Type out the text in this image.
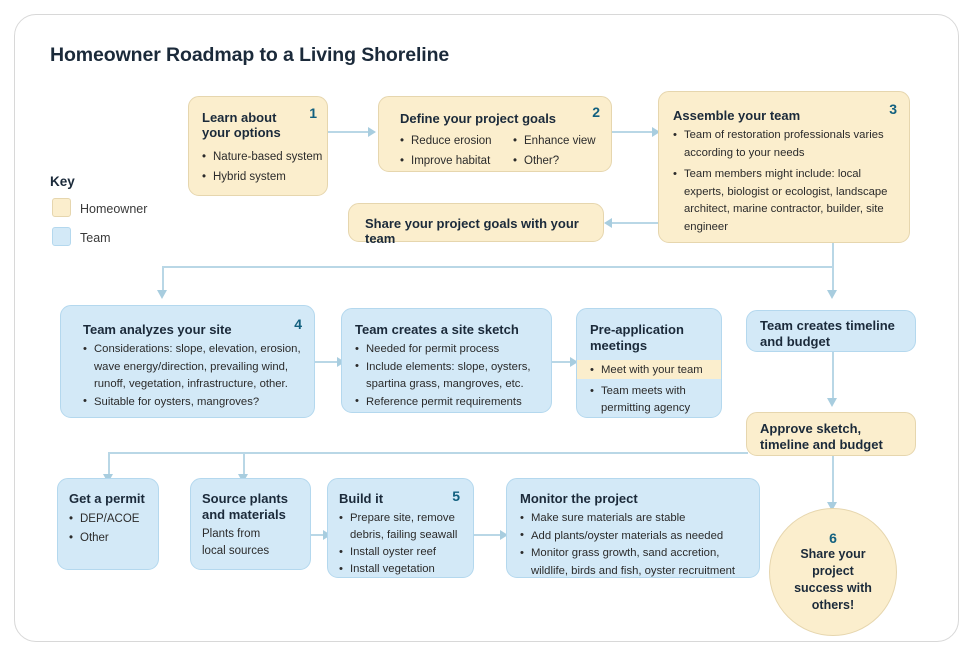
Homeowner Roadmap to a Living Shoreline
Key
Homeowner
Team
1
Learn about
your options
• Nature-based system
• Hybrid system
2
Define your project goals
• Reduce erosion
• Improve habitat
• Enhance view
• Other?
3
Assemble your team
• Team of restoration professionals varies according to your needs
• Team members might include: local experts, biologist or ecologist, landscape architect, marine contractor, builder, site engineer
Share your project goals with your team
4
Team analyzes your site
• Considerations: slope, elevation, erosion, wave energy/direction, prevailing wind, runoff, vegetation, infrastructure, other.
• Suitable for oysters, mangroves?
Team creates a site sketch
• Needed for permit process
• Include elements: slope, oysters, spartina grass, mangroves, etc.
• Reference permit requirements
Pre-application
meetings
• Meet with your team
• Team meets with permitting agency
Team creates timeline
and budget
Approve sketch,
timeline and budget
Get a permit
• DEP/ACOE
• Other
Source plants
and materials
Plants from
local sources
5
Build it
• Prepare site, remove debris, failing seawall
• Install oyster reef
• Install vegetation
Monitor the project
• Make sure materials are stable
• Add plants/oyster materials as needed
• Monitor grass growth, sand accretion, wildlife, birds and fish, oyster recruitment
6
Share your
project
success with
others!
